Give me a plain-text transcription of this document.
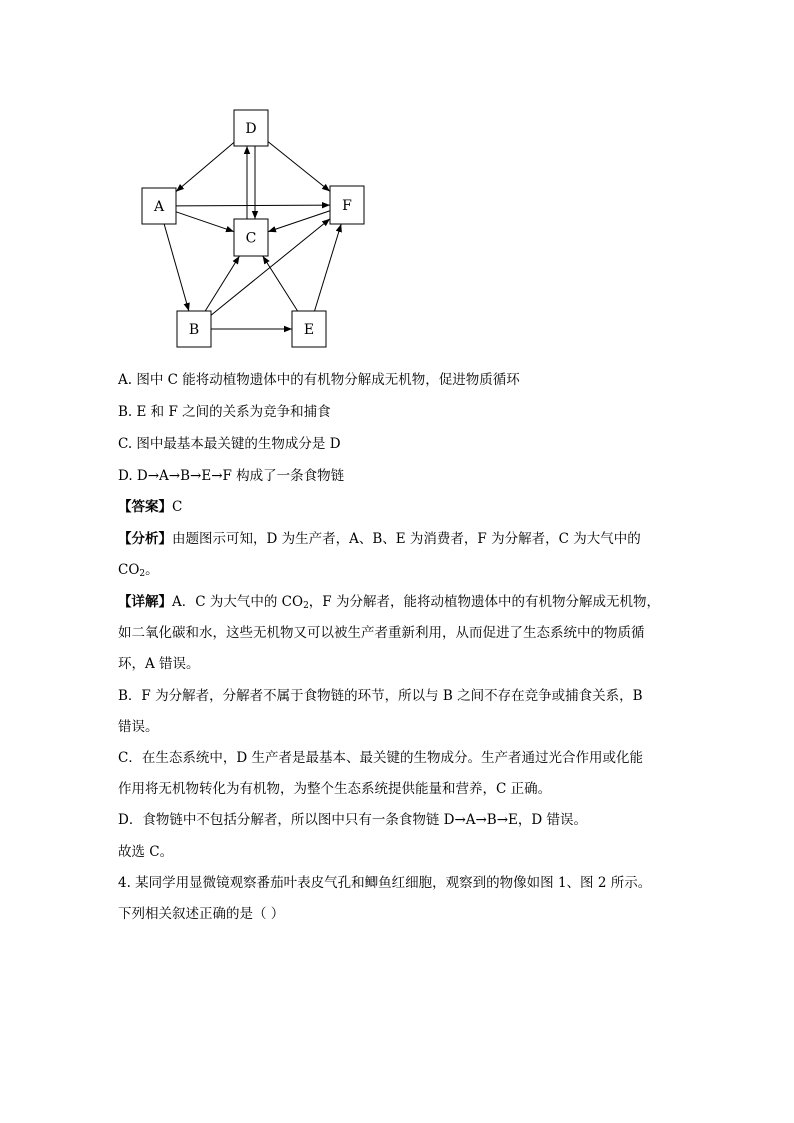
D
A	F
C
B	E
A. 图中 C 能将动植物遗体中的有机物分解成无机物，促进物质循环
B. E 和 F 之间的关系为竞争和捕食
C. 图中最基本最关键的生物成分是 D
D. D→A→B→E→F 构成了一条食物链
【答案】C
【分析】由题图示可知，D 为生产者，A、B、E 为消费者，F 为分解者，C 为大气中的
$CO_2$。
【详解】A．C 为大气中的 $CO_2$，F 为分解者，能将动植物遗体中的有机物分解成无机物，
如二氧化碳和水，这些无机物又可以被生产者重新利用，从而促进了生态系统中的物质循
环，A 错误。
B．F 为分解者，分解者不属于食物链的环节，所以与 B 之间不存在竞争或捕食关系，B
错误。
C．在生态系统中，D 生产者是最基本、最关键的生物成分。生产者通过光合作用或化能
作用将无机物转化为有机物，为整个生态系统提供能量和营养，C 正确。
D．食物链中不包括分解者，所以图中只有一条食物链 D→A→B→E，D 错误。
故选 C。
4. 某同学用显微镜观察番茄叶表皮气孔和鲫鱼红细胞，观察到的物像如图 1、图 2 所示。
下列相关叙述正确的是（ ）
